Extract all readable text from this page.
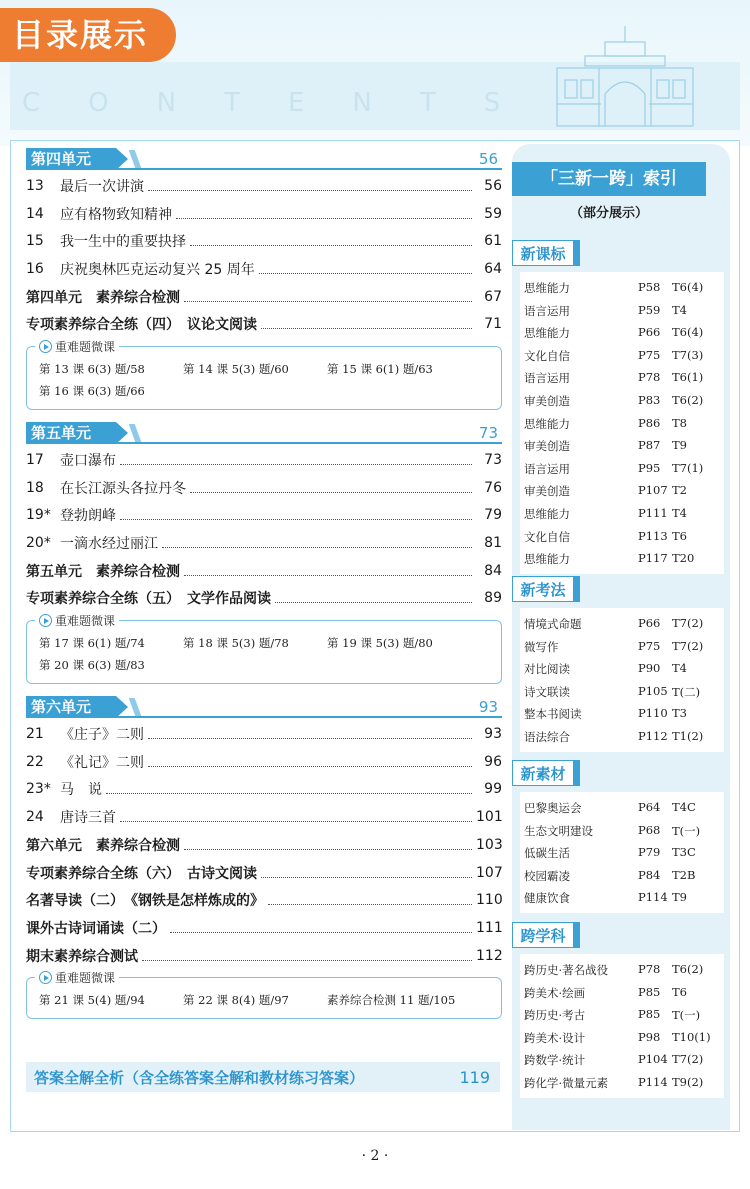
目录展示
CONTENTS
第四单元	56
13	最后一次讲演	56
14	应有格物致知精神	59
15	我一生中的重要抉择	61
16	庆祝奥林匹克运动复兴 25 周年	64
第四单元　素养综合检测	67
专项素养综合全练（四）　议论文阅读	71
重难题微课
第 13 课 6(3) 题/58	第 14 课 5(3) 题/60	第 15 课 6(1) 题/63
第 16 课 6(3) 题/66
第五单元	73
17	壶口瀑布	73
18	在长江源头各拉丹冬	76
19* 登勃朗峰	79
20* 一滴水经过丽江	81
第五单元　素养综合检测	84
专项素养综合全练（五）　文学作品阅读	89
重难题微课
第 17 课 6(1) 题/74	第 18 课 5(3) 题/78	第 19 课 5(3) 题/80
第 20 课 6(3) 题/83
第六单元	93
21	《庄子》二则	93
22	《礼记》二则	96
23* 马　说	99
24	唐诗三首	101
第六单元　素养综合检测	103
专项素养综合全练（六）　古诗文阅读	107
名著导读（二）　《钢铁是怎样炼成的》	110
课外古诗词诵读（二）	111
期末素养综合测试	112
重难题微课
第 21 课 5(4) 题/94	第 22 课 8(4) 题/97	素养综合检测 11 题/105
答案全解全析（含全练答案全解和教材练习答案）	119
「三新一跨」索引
（部分展示）
新课标
思维能力	P58 T6(4)
语言运用	P59 T4
思维能力	P66 T6(4)
文化自信	P75 T7(3)
语言运用	P78 T6(1)
审美创造	P83 T6(2)
思维能力	P86 T8
审美创造	P87 T9
语言运用	P95 T7(1)
审美创造	P107 T2
思维能力	P111 T4
文化自信	P113 T6
思维能力	P117 T20
新考法
情境式命题	P66 T7(2)
微写作	P75 T7(2)
对比阅读	P90 T4
诗文联读	P105 T(二)
整本书阅读	P110 T3
语法综合	P112 T1(2)
新素材
巴黎奥运会	P64 T4C
生态文明建设	P68 T(一)
低碳生活	P79 T3C
校园霸凌	P84 T2B
健康饮食	P114 T9
跨学科
跨历史·著名战役	P78 T6(2)
跨美术·绘画	P85 T6
跨历史·考古	P85 T(一)
跨美术·设计	P98 T10(1)
跨数学·统计	P104 T7(2)
跨化学·微量元素	P114 T9(2)
· 2 ·
